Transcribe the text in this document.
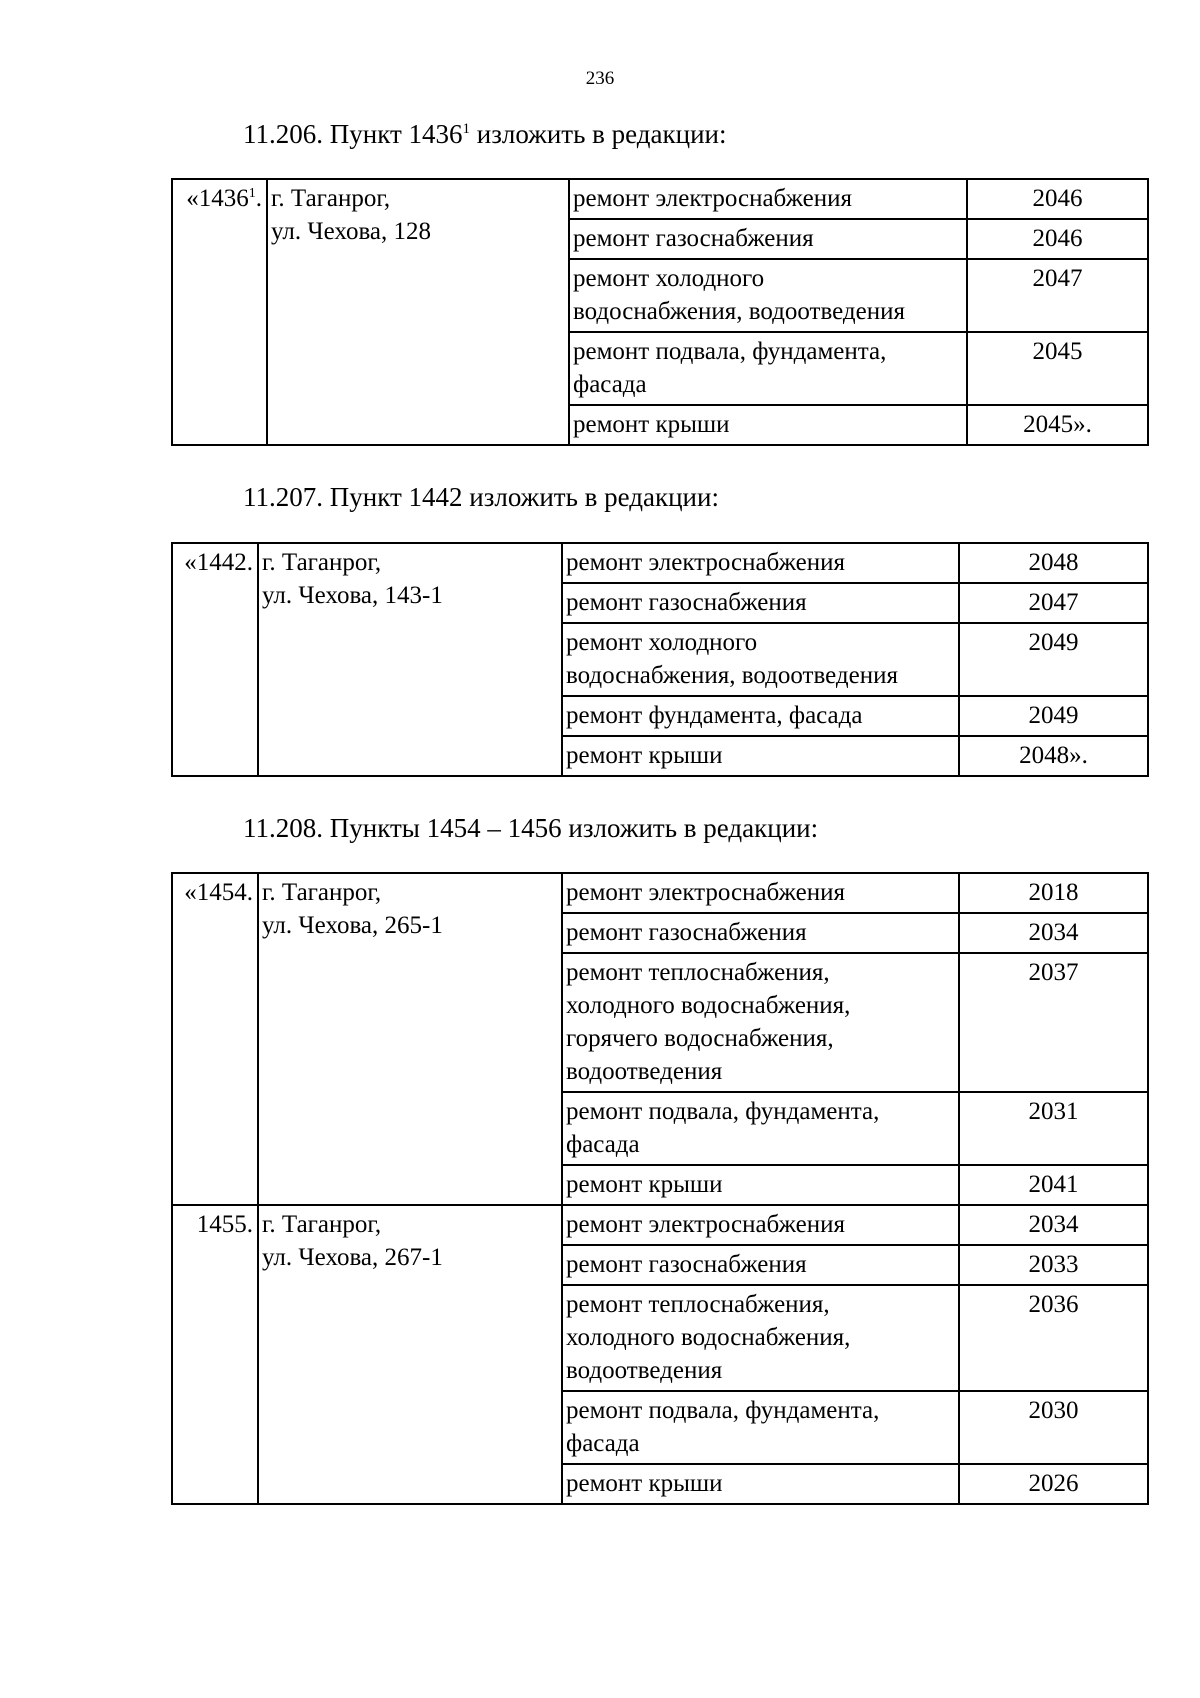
236
11.206. Пункт 1436$^1$ изложить в редакции:
«1436$^1$.	г. Таганрог,
ул. Чехова, 128	ремонт электроснабжения	2046

		ремонт газоснабжения	2046

		ремонт холодного
водоснабжения, водоотведения	2047

		ремонт подвала, фундамента,
фасада	2045

		ремонт крыши	2045».
11.207. Пункт 1442 изложить в редакции:
«1442.	г. Таганрог,
ул. Чехова, 143-1	ремонт электроснабжения	2048

		ремонт газоснабжения	2047

		ремонт холодного
водоснабжения, водоотведения	2049

		ремонт фундамента, фасада	2049

		ремонт крыши	2048».
11.208. Пункты 1454 – 1456 изложить в редакции:
«1454.	г. Таганрог,
ул. Чехова, 265-1	ремонт электроснабжения	2018

		ремонт газоснабжения	2034

		ремонт теплоснабжения,
холодного водоснабжения,
горячего водоснабжения,
водоотведения	2037

		ремонт подвала, фундамента,
фасада	2031

		ремонт крыши	2041
1455.	г. Таганрог,
ул. Чехова, 267-1	ремонт электроснабжения	2034

		ремонт газоснабжения	2033

		ремонт теплоснабжения,
холодного водоснабжения,
водоотведения	2036

		ремонт подвала, фундамента,
фасада	2030

		ремонт крыши	2026
